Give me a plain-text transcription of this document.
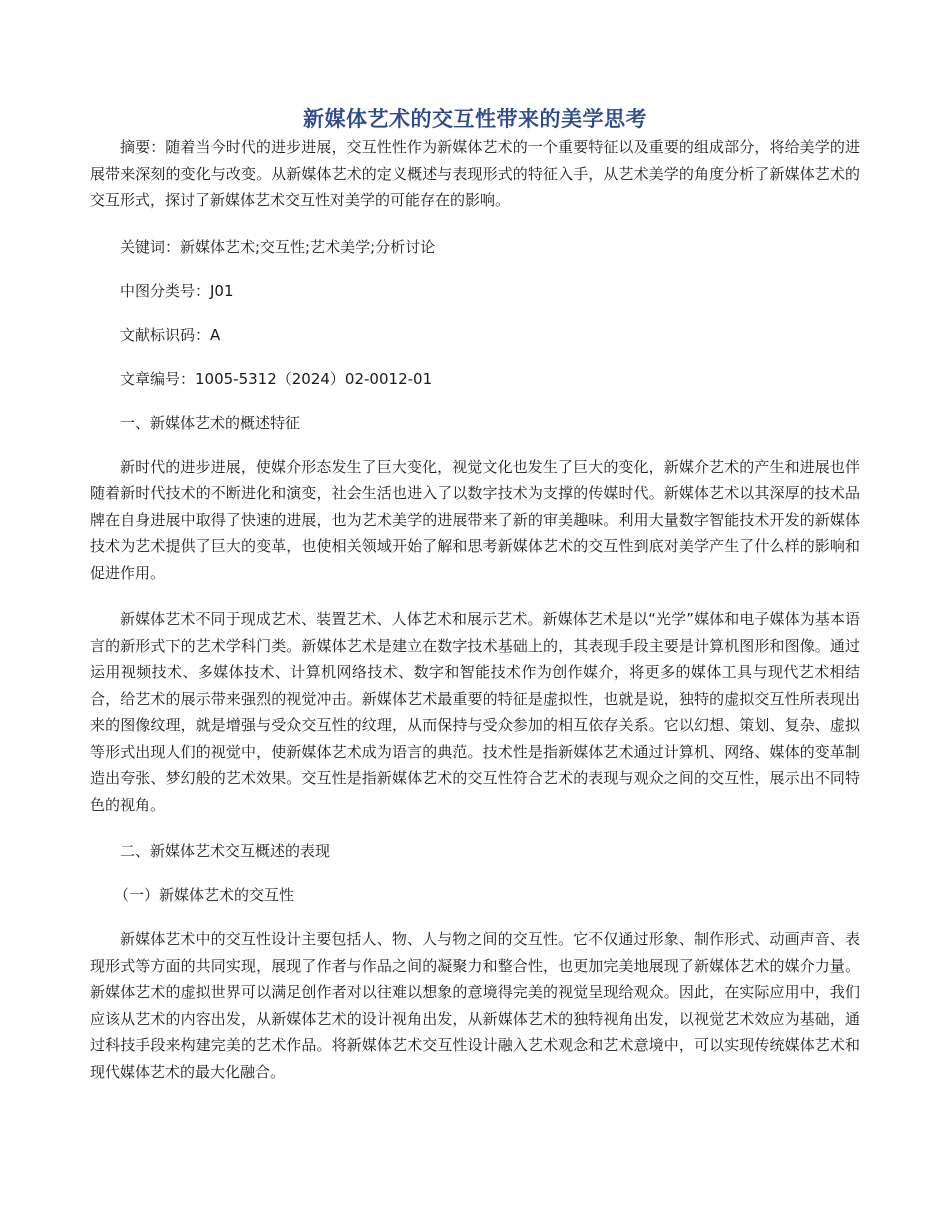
新媒体艺术的交互性带来的美学思考

摘要：随着当今时代的进步进展，交互性性作为新媒体艺术的一个重要特征以及重要的组成部分，将给美学的进展带来深刻的变化与改变。从新媒体艺术的定义概述与表现形式的特征入手，从艺术美学的角度分析了新媒体艺术的交互形式，探讨了新媒体艺术交互性对美学的可能存在的影响。

关键词：新媒体艺术;交互性;艺术美学;分析讨论

中图分类号：J01

文献标识码：A

文章编号：1005-5312（2024）02-0012-01

一、新媒体艺术的概述特征

新时代的进步进展，使媒介形态发生了巨大变化，视觉文化也发生了巨大的变化，新媒介艺术的产生和进展也伴随着新时代技术的不断进化和演变，社会生活也进入了以数字技术为支撑的传媒时代。新媒体艺术以其深厚的技术品牌在自身进展中取得了快速的进展，也为艺术美学的进展带来了新的审美趣味。利用大量数字智能技术开发的新媒体技术为艺术提供了巨大的变革，也使相关领域开始了解和思考新媒体艺术的交互性到底对美学产生了什么样的影响和促进作用。

新媒体艺术不同于现成艺术、装置艺术、人体艺术和展示艺术。新媒体艺术是以“光学”媒体和电子媒体为基本语言的新形式下的艺术学科门类。新媒体艺术是建立在数字技术基础上的，其表现手段主要是计算机图形和图像。通过运用视频技术、多媒体技术、计算机网络技术、数字和智能技术作为创作媒介，将更多的媒体工具与现代艺术相结合，给艺术的展示带来强烈的视觉冲击。新媒体艺术最重要的特征是虚拟性，也就是说，独特的虚拟交互性所表现出来的图像纹理，就是增强与受众交互性的纹理，从而保持与受众参加的相互依存关系。它以幻想、策划、复杂、虚拟等形式出现人们的视觉中，使新媒体艺术成为语言的典范。技术性是指新媒体艺术通过计算机、网络、媒体的变革制造出夸张、梦幻般的艺术效果。交互性是指新媒体艺术的交互性符合艺术的表现与观众之间的交互性，展示出不同特色的视角。

二、新媒体艺术交互概述的表现

（一）新媒体艺术的交互性

新媒体艺术中的交互性设计主要包括人、物、人与物之间的交互性。它不仅通过形象、制作形式、动画声音、表现形式等方面的共同实现，展现了作者与作品之间的凝聚力和整合性，也更加完美地展现了新媒体艺术的媒介力量。新媒体艺术的虚拟世界可以满足创作者对以往难以想象的意境得完美的视觉呈现给观众。因此，在实际应用中，我们应该从艺术的内容出发，从新媒体艺术的设计视角出发，从新媒体艺术的独特视角出发，以视觉艺术效应为基础，通过科技手段来构建完美的艺术作品。将新媒体艺术交互性设计融入艺术观念和艺术意境中，可以实现传统媒体艺术和现代媒体艺术的最大化融合。
